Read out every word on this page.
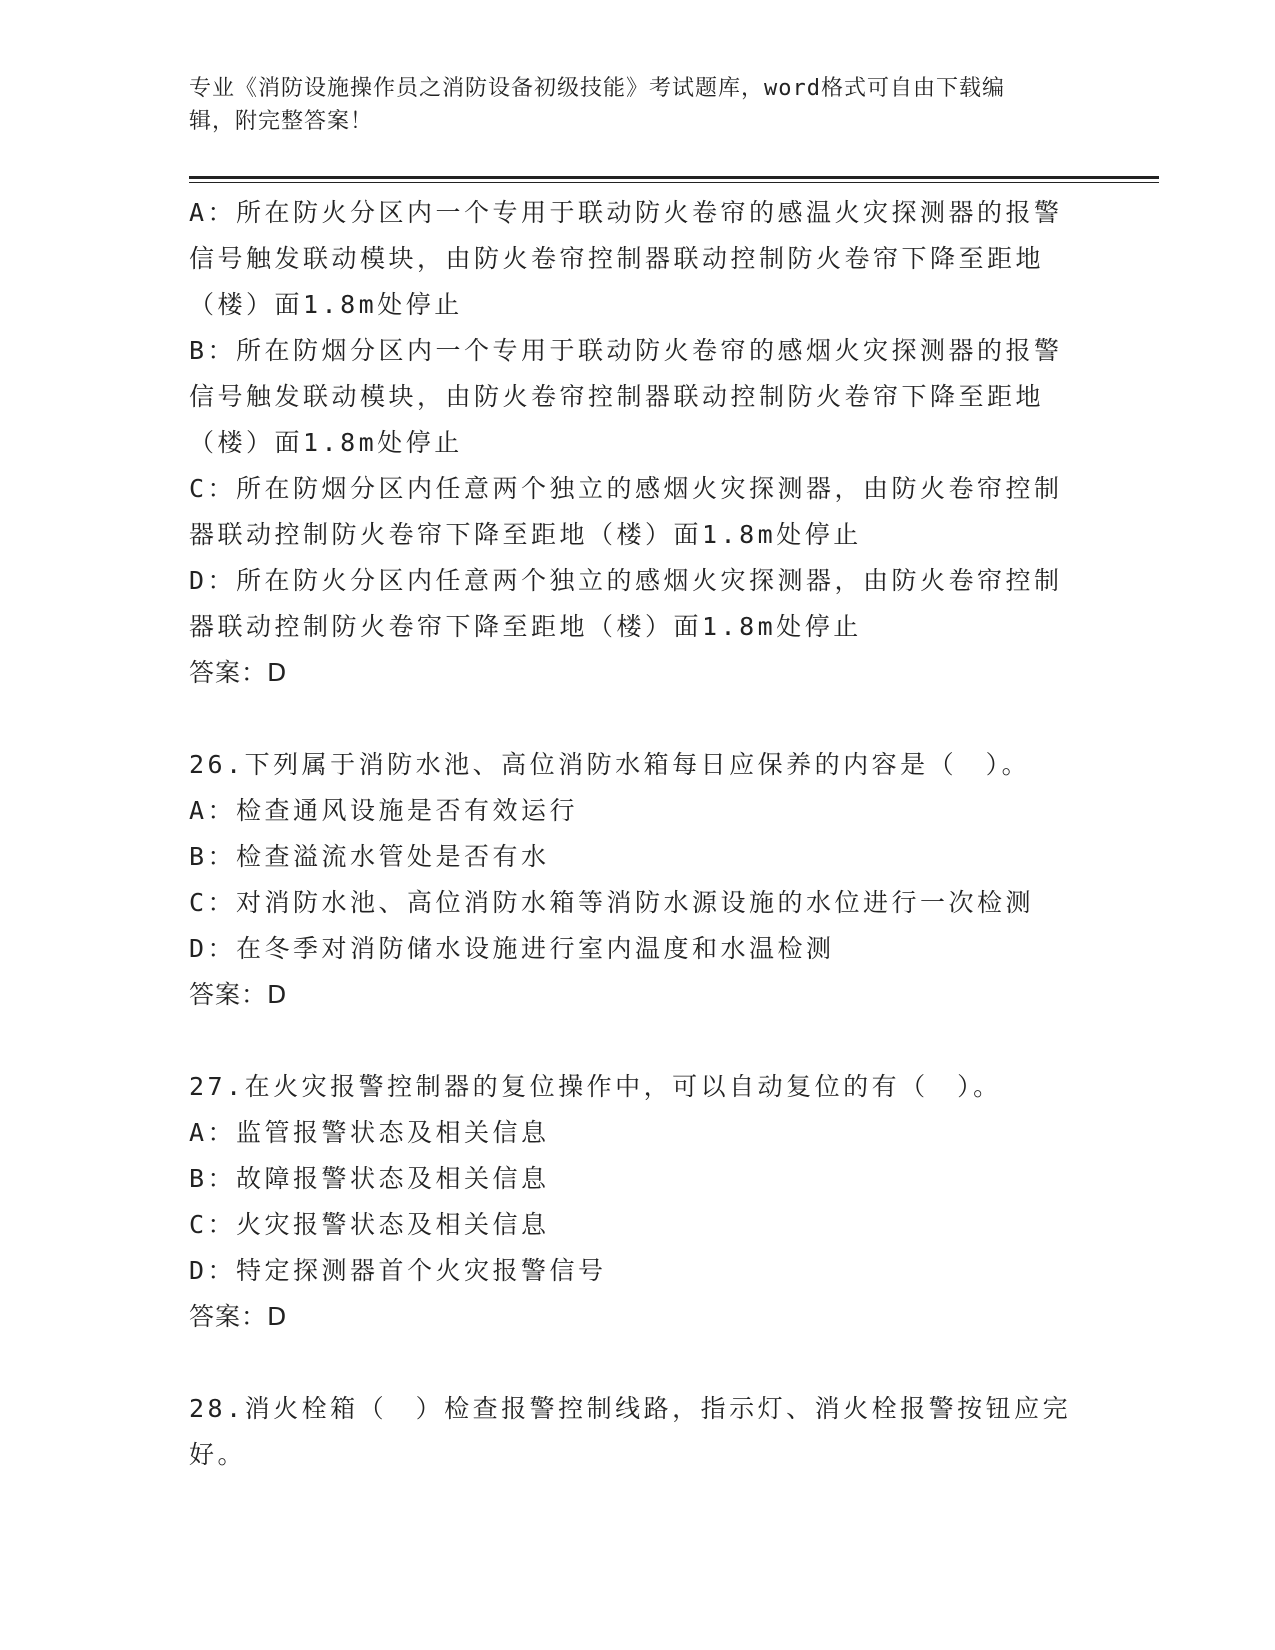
专业《消防设施操作员之消防设备初级技能》考试题库，word格式可自由下载编
辑，附完整答案！
A：所在防火分区内一个专用于联动防火卷帘的感温火灾探测器的报警
信号触发联动模块，由防火卷帘控制器联动控制防火卷帘下降至距地
（楼）面1.8m处停止
B：所在防烟分区内一个专用于联动防火卷帘的感烟火灾探测器的报警
信号触发联动模块，由防火卷帘控制器联动控制防火卷帘下降至距地
（楼）面1.8m处停止
C：所在防烟分区内任意两个独立的感烟火灾探测器，由防火卷帘控制
器联动控制防火卷帘下降至距地（楼）面1.8m处停止
D：所在防火分区内任意两个独立的感烟火灾探测器，由防火卷帘控制
器联动控制防火卷帘下降至距地（楼）面1.8m处停止
答案：D
26.下列属于消防水池、高位消防水箱每日应保养的内容是（　）。
A：检查通风设施是否有效运行
B：检查溢流水管处是否有水
C：对消防水池、高位消防水箱等消防水源设施的水位进行一次检测
D：在冬季对消防储水设施进行室内温度和水温检测
答案：D
27.在火灾报警控制器的复位操作中，可以自动复位的有（　）。
A：监管报警状态及相关信息
B：故障报警状态及相关信息
C：火灾报警状态及相关信息
D：特定探测器首个火灾报警信号
答案：D
28.消火栓箱（　）检查报警控制线路，指示灯、消火栓报警按钮应完
好。
